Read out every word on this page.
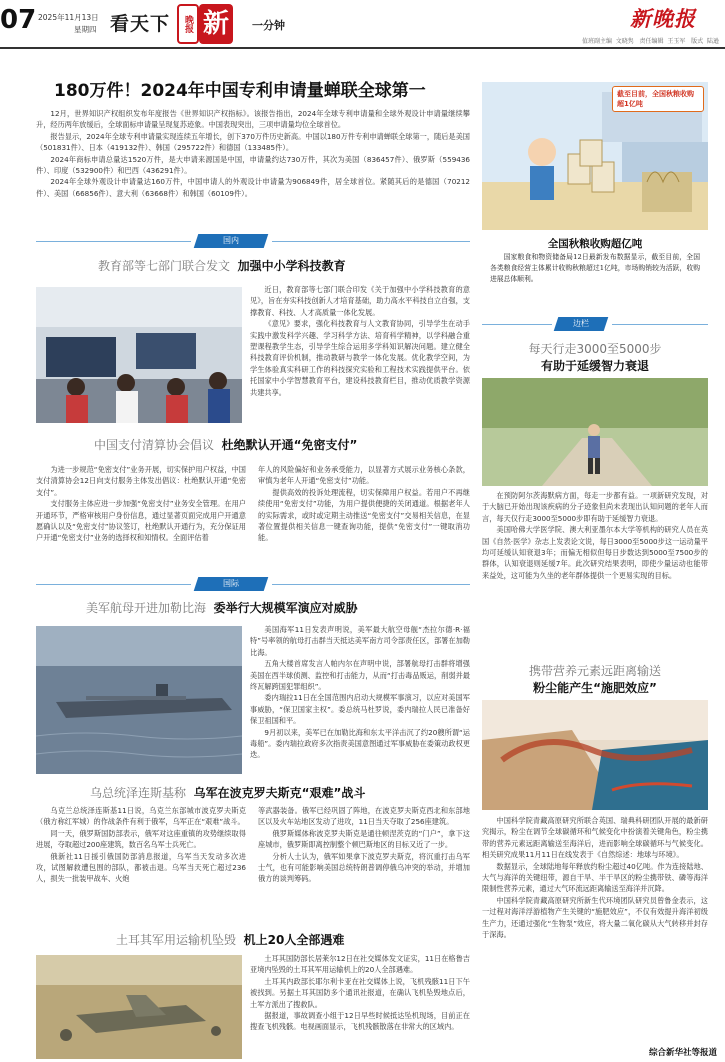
07 2025年11月13日
星期四 看天下	晚报 新	一分钟	新晚报
值班副主编 文晓隽 责任编辑 王玉军 版式 陆逊
180万件！2024年中国专利申请量蝉联全球第一
12月，世界知识产权组织发布年度报告《世界知识产权指标》。该报告指出，2024年全球专利申请量和全球外观设计申请量继续攀升，经历两年放缓后，全球面标申请量呈现复苏迹象。中国表现突出，三项申请量均位全球首位。
报告显示，2024年全球专利申请量实现连续五年增长，创下370万件历史新高。中国以180万件专利申请蝉联全球第一，随后是美国（501831件）、日本（419132件）、韩国（295722件）和德国（133485件）。
2024年商标申请总量达1520万件，是大申请来源国是中国，申请量约达730万件，其次为美国（836457件）、俄罗斯（559436件）、印度（532900件）和巴西（436291件）。
2024年全球外观设计申请量达160万件，中国申请人的外观设计申请量为906849件，居全球首位。紧随其后的是德国（70212件）、美国（66856件）、意大利（63668件）和韩国（60109件）。
截至目前，全国秋粮收购超1亿吨
全国秋粮收购超亿吨
国家粮食和物资储备局12日最新发布数据显示，截至目前，全国各类粮食经营主体累计收购秋粮超过1亿吨，市场购销较为活跃，收购进展总体顺利。
国内
教育部等七部门联合发文 加强中小学科技教育
近日，教育部等七部门联合印发《关于加强中小学科技教育的意见》，旨在夯实科技创新人才培育基础，助力高水平科技自立自强，支撑教育、科技、人才高质量一体化发展。
《意见》要求，强化科技教育与人文教育协同，引导学生在动手实践中激发科学兴趣、学习科学方法、培育科学精神，以学科融合重塑课程教学生态，引导学生综合运用多学科知识解决问题。建立健全科技教育评价机制，推动教研与教学一体化发展。优化教学空间，为学生体验真实科研工作的科技探究实验和工程技术实践提供平台。依托国家中小学智慧教育平台，建设科技教育栏目，推动优质教学资源共建共享。
中国支付清算协会倡议 杜绝默认开通“免密支付”
为进一步规范“免密支付”业务开展，切实保护用户权益，中国支付清算协会12日向支付服务主体发出倡议：杜绝默认开通“免密支付”。
支付服务主体应进一步加强“免密支付”业务安全管理。在用户开通环节，严格审核用户身份信息，通过显著页面完成用户开通意愿确认以及“免密支付”协议签订，杜绝默认开通行为，充分保证用户开通“免密支付”业务的选择权和知情权。全面评估着
年人的风险偏好和业务承受能力，以显著方式展示业务核心条款，审慎为老年人开通“免密支付”功能。
提供高效的投诉处理流程，切实保障用户权益。若用户不再继续使用“免密支付”功能，为用户提供便捷的关闭通道。根据老年人的实际需求，或时或定期主动推送“免密支付”交易相关信息，在显著位置提供相关信息一键查询功能，提供“免密支付”一键取消功能。
国际
美军航母开进加勒比海 委举行大规模军演应对威胁
美国海军11日发表声明说，美军最大航空母舰“杰拉尔德·R·福特”号率领的航母打击群当天抵达美军南方司令部责任区，部署在加勒比海。
五角大楼首席发言人帕内尔在声明中说，部署航母打击群将增强美国在西半球侦测、监控和打击能力，从而“打击毒品贩运，削弱并最终瓦解跨国犯罪组织”。
委内瑞拉11日在全国范围内启动大规模军事演习，以应对美国军事威胁，“保卫国家主权”。委总统马杜罗说，委内瑞拉人民已准备好保卫祖国和平。
9月初以来，美军已在加勒比海和东太平洋击沉了约20艘所谓“运毒船”。委内瑞拉政府多次指责美国意图通过军事威胁在委策动政权更迭。
乌总统泽连斯基称 乌军在波克罗夫斯克“艰难”战斗
乌克兰总统泽连斯基11日说，乌克兰东部城市波克罗夫斯克（俄方称红军城）的作战条件有利于俄军，乌军正在“艰难”战斗。
同一天，俄罗斯国防部表示，俄军对这座重镇的攻势继续取得进展，夺取超过200座建筑，数百名乌军士兵死亡。
俄新社11日援引俄国防部消息报道，乌军当天发动多次进攻，试图解救遭包围的部队，都被击退。乌军当天死亡超过236人，损失一批装甲战车、火炮
等武器装备。俄军已经巩固了阵地，在波克罗夫斯克西北和东部地区以及火车站地区发动了进攻，11日当天夺取了256座建筑。
俄罗斯媒体称波克罗夫斯克是通往顿涅茨克的“门户”，拿下这座城市，俄罗斯即离控制整个顿巴斯地区的目标又近了一步。
分析人士认为，俄军如果拿下波克罗夫斯克，将沉重打击乌军士气，也有可能影响美国总统特朗普调停俄乌冲突的举动，并增加俄方的谈判筹码。
土耳其军用运输机坠毁 机上20人全部遇难
土耳其国防部长居莱尔12日在社交媒体发文证实，11日在格鲁吉亚境内坠毁的土耳其军用运输机上的20人全部遇难。
土耳其内政部长耶尔利卡亚在社交媒体上说，飞机残骸11日下午被找到。另据土耳其国防多个通讯社报道，在确认飞机坠毁地点后，土军方派出了搜救队。
据报道，事故调查小组于12日早些时候抵达坠机现场，目前正在搜查飞机残骸。电视画面显示，飞机残骸散落在非常大的区域内。
边栏
每天行走3000至5000步
有助于延缓智力衰退
在预防阿尔茨海默病方面，每走一步都有益。一项新研究发现，对于大脑已开始出现该疾病的分子迹象但尚未表现出认知问题的老年人而言，每天仅行走3000至5000步即有助于延缓智力衰退。
美国哈佛大学医学院、澳大利亚墨尔本大学等机构的研究人员在英国《自然·医学》杂志上发表论文说，每日3000至5000步这一运动量平均可延缓认知衰退3年；而偏无相似但每日步数达到5000至7500步的群体，认知衰退则延缓7年。此次研究结果表明，即使少量运动也能带来益处，这可能为久坐的老年群体提供一个更易实现的目标。
携带营养元素远距离输送
粉尘能产生“施肥效应”
中国科学院青藏高原研究所联合英国、瑞典科研团队开展的最新研究揭示，粉尘在调节全球碳循环和气候变化中扮演着关键角色，粉尘携带的营养元素远距离输送至海洋后，进而影响全球碳循环与气候变化。相关研究成果11月11日在线发表于《自然综述：地球与环境》。
数据显示，全球陆地每年释放约粉尘超过40亿吨。作为连接陆地、大气与海洋的关键纽带，源自干旱、半干旱区的粉尘携带铁、磷等海洋限制性营养元素，通过大气环流远距离输送至海洋并沉降。
中国科学院青藏高原研究所新生代环境团队研究员曾鲁金表示，这一过程对海洋浮游植物产生关键的“施肥效应”，不仅有效提升海洋初级生产力，还通过强化“生物泵”效应，将大量二氧化碳从大气转移并封存于深海。
综合新华社等报道
